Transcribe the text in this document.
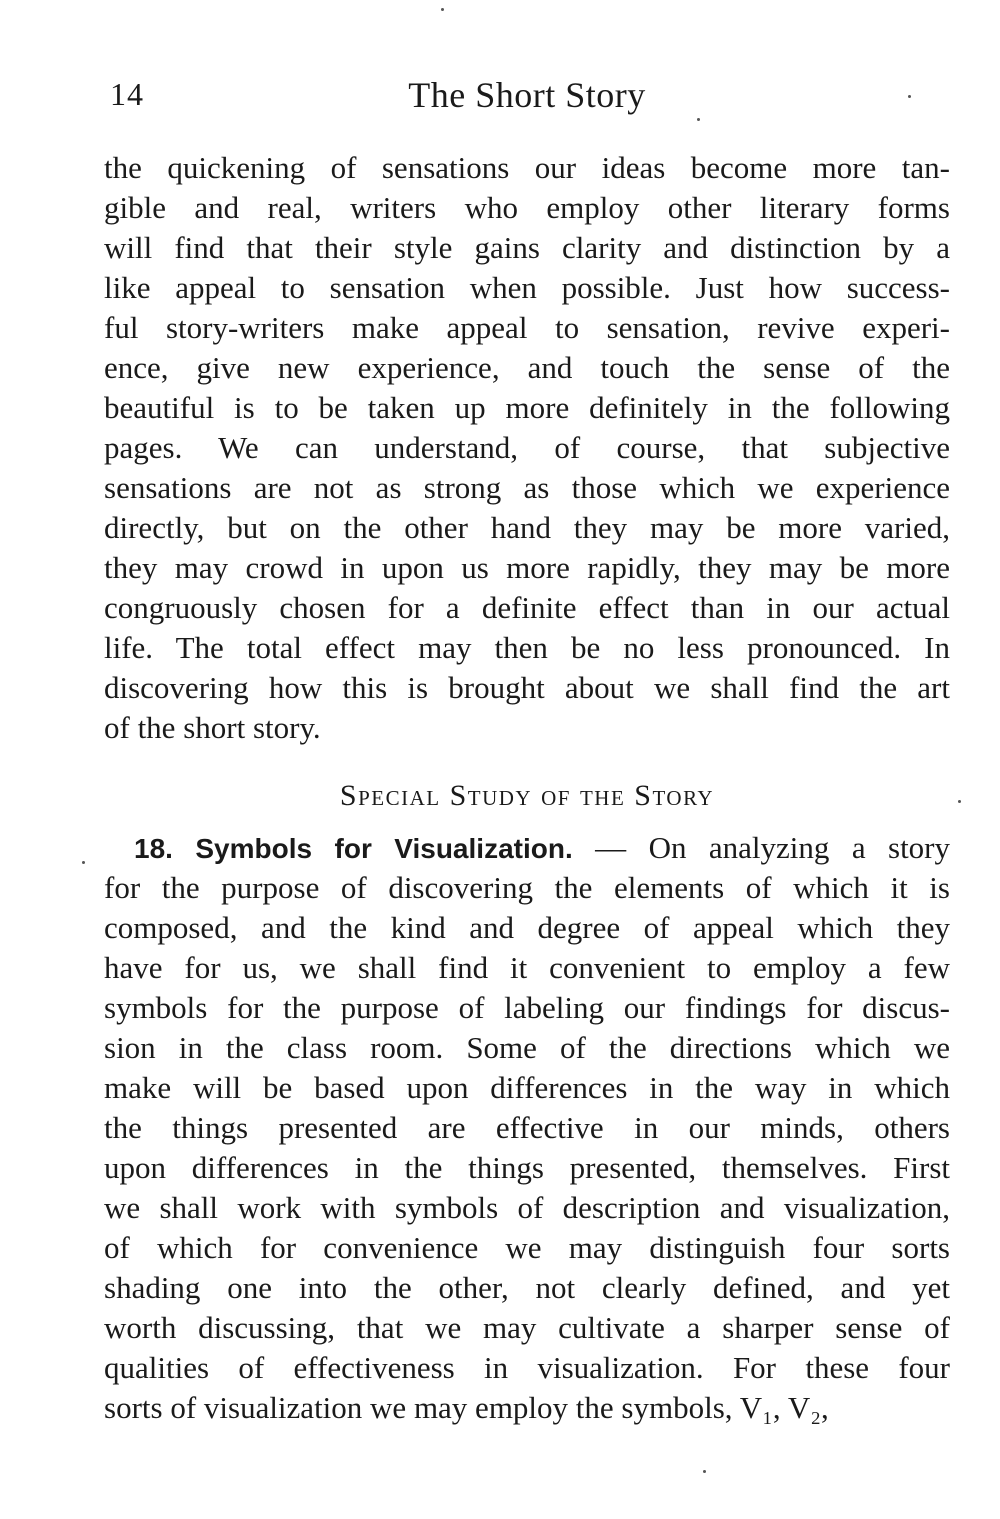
14	The Short Story
the quickening of sensations our ideas become more tan-
gible and real, writers who employ other literary forms
will find that their style gains clarity and distinction by a
like appeal to sensation when possible. Just how success-
ful story-writers make appeal to sensation, revive experi-
ence, give new experience, and touch the sense of the
beautiful is to be taken up more definitely in the following
pages. We can understand, of course, that subjective
sensations are not as strong as those which we experience
directly, but on the other hand they may be more varied,
they may crowd in upon us more rapidly, they may be more
congruously chosen for a definite effect than in our actual
life. The total effect may then be no less pronounced. In
discovering how this is brought about we shall find the art
of the short story.
Special Study of the Story
18. Symbols for Visualization. — On analyzing a story
for the purpose of discovering the elements of which it is
composed, and the kind and degree of appeal which they
have for us, we shall find it convenient to employ a few
symbols for the purpose of labeling our findings for discus-
sion in the class room. Some of the directions which we
make will be based upon differences in the way in which
the things presented are effective in our minds, others
upon differences in the things presented, themselves. First
we shall work with symbols of description and visualization,
of which for convenience we may distinguish four sorts
shading one into the other, not clearly defined, and yet
worth discussing, that we may cultivate a sharper sense of
qualities of effectiveness in visualization. For these four
sorts of visualization we may employ the symbols, V₁, V₂,
